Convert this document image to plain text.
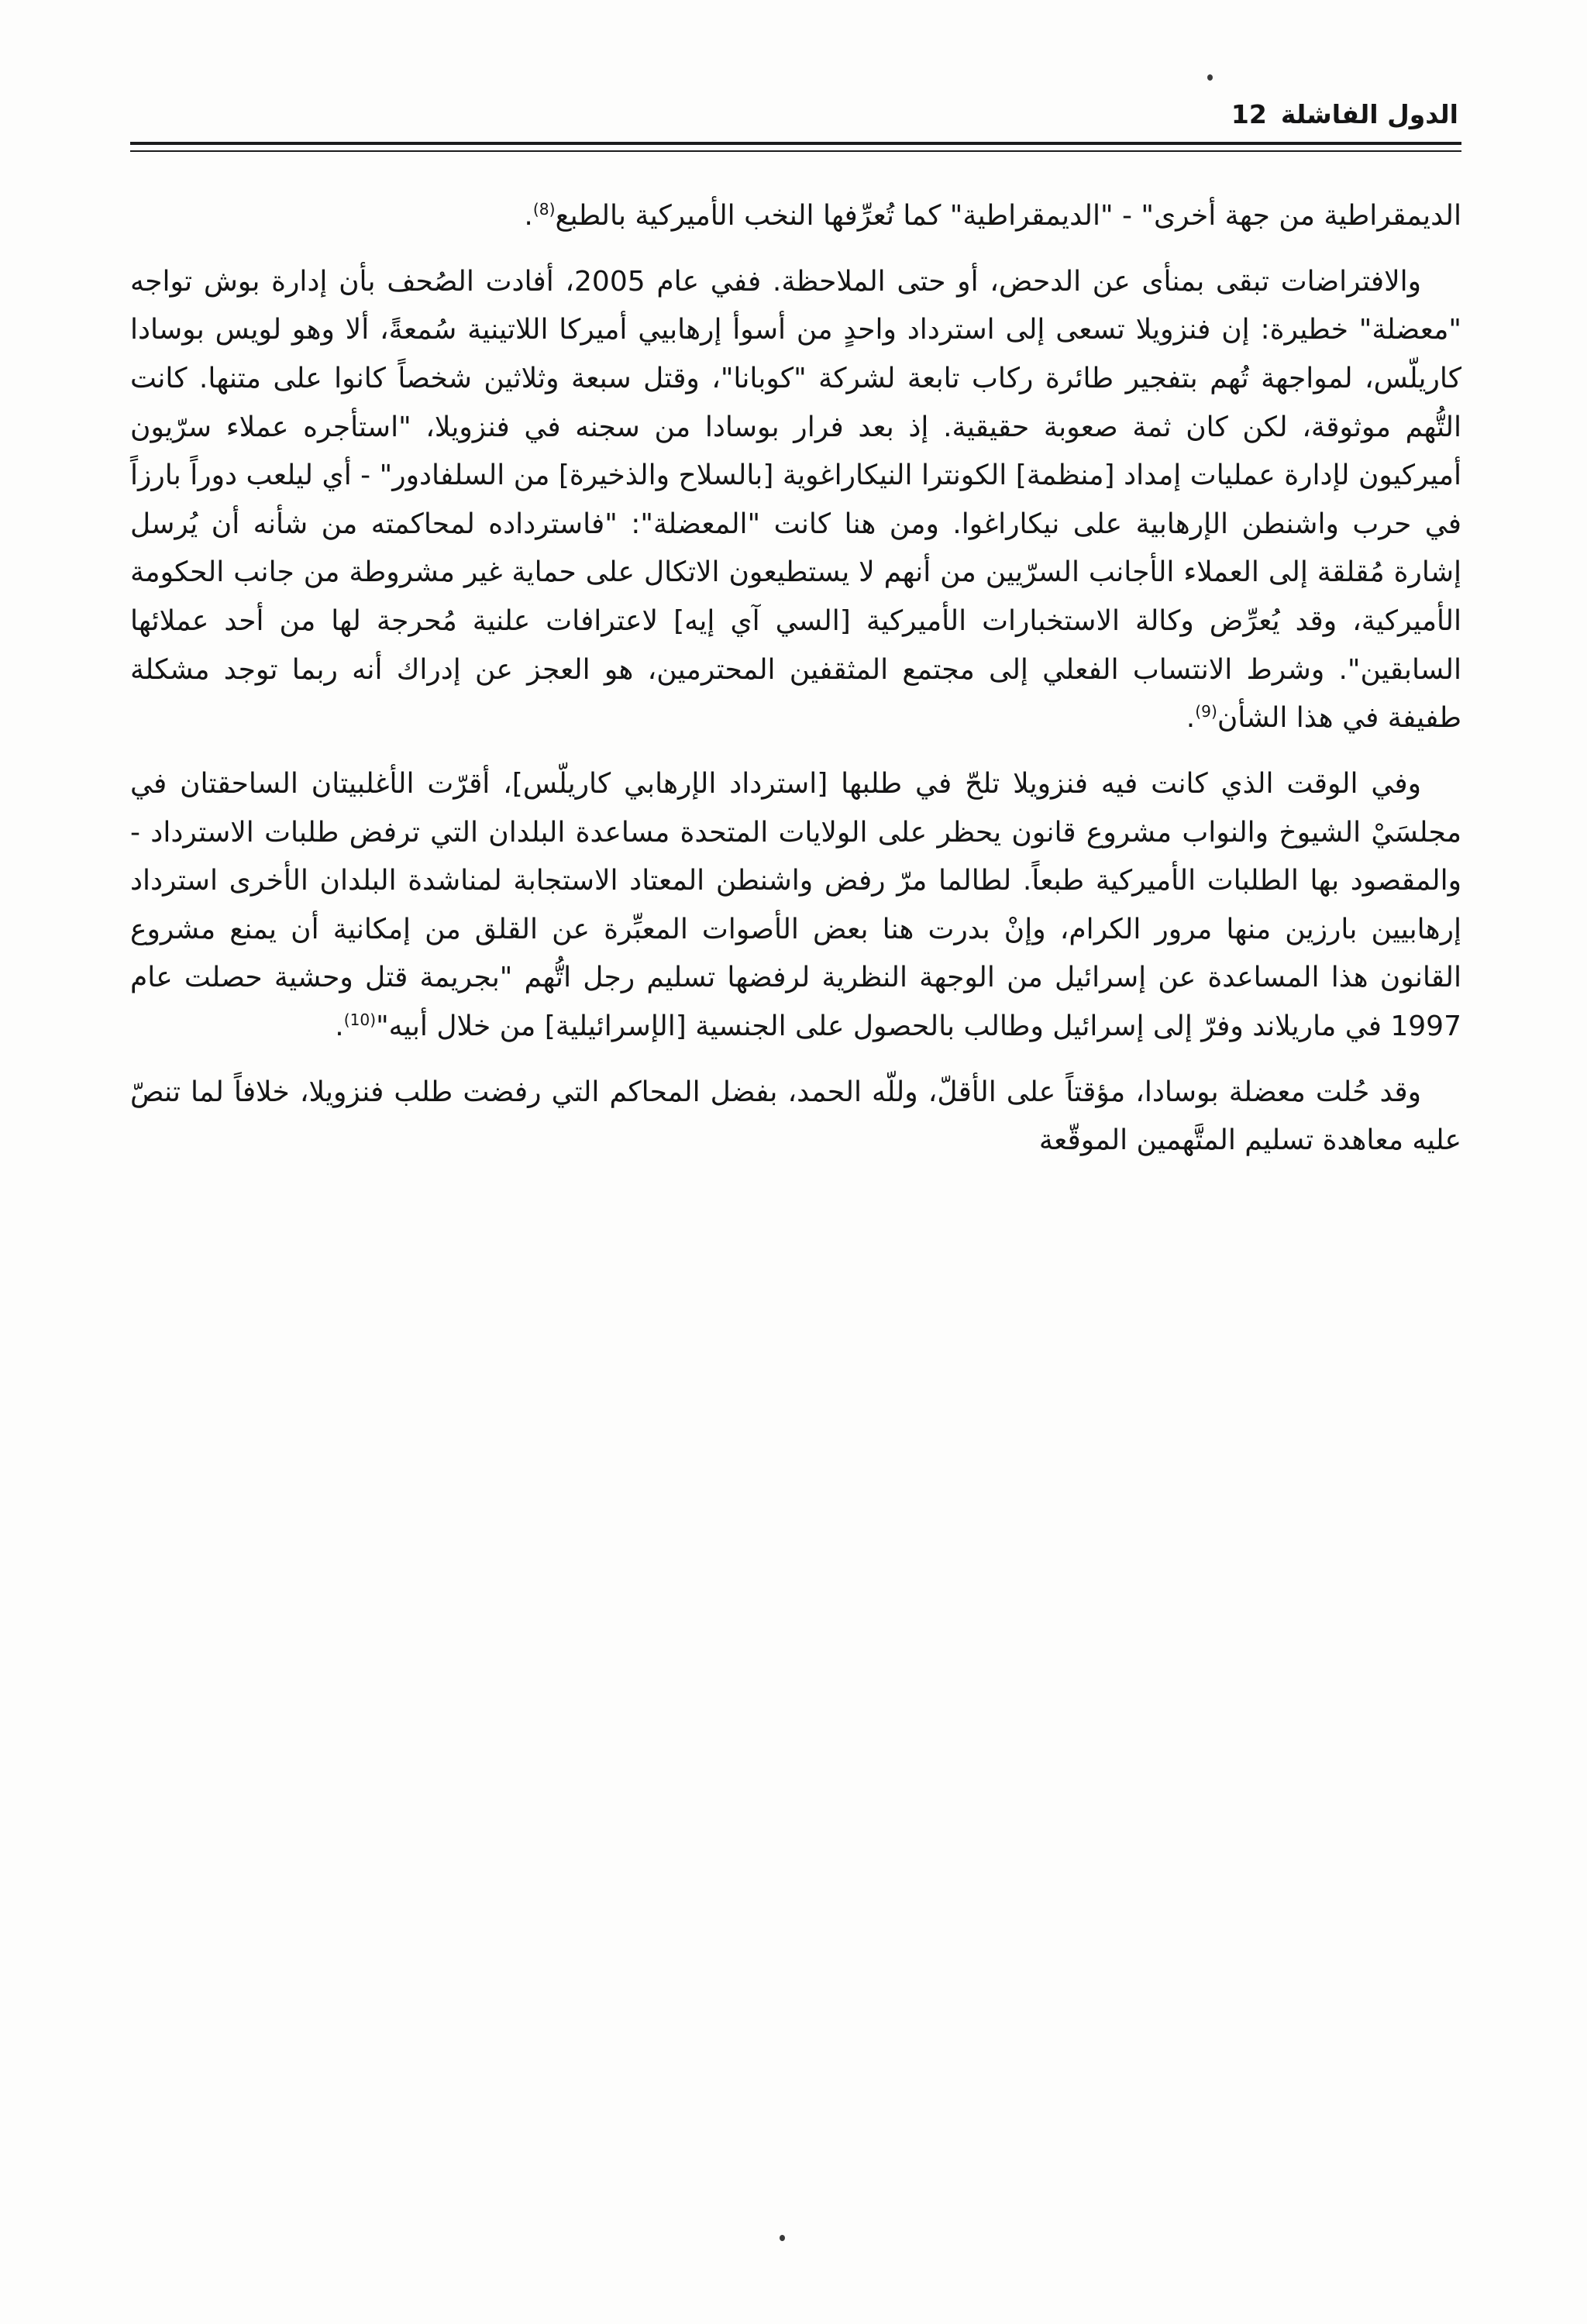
الدول الفاشلة
12

الديمقراطية من جهة أخرى" - "الديمقراطية" كما تُعرِّفها النخب الأميركية بالطبع$^{(8)}$.

والافتراضات تبقى بمنأى عن الدحض، أو حتى الملاحظة. ففي عام 2005، أفادت الصُحف بأن إدارة بوش تواجه "معضلة" خطيرة: إن فنزويلا تسعى إلى استرداد واحدٍ من أسوأ إرهابيي أميركا اللاتينية سُمعةً، ألا وهو لويس بوسادا كاريلّس، لمواجهة تُهم بتفجير طائرة ركاب تابعة لشركة "كوبانا"، وقتل سبعة وثلاثين شخصاً كانوا على متنها. كانت التُّهم موثوقة، لكن كان ثمة صعوبة حقيقية. إذ بعد فرار بوسادا من سجنه في فنزويلا، "استأجره عملاء سرّيون أميركيون لإدارة عمليات إمداد [منظمة] الكونترا النيكاراغوية [بالسلاح والذخيرة] من السلفادور" - أي ليلعب دوراً بارزاً في حرب واشنطن الإرهابية على نيكاراغوا. ومن هنا كانت "المعضلة": "فاسترداده لمحاكمته من شأنه أن يُرسل إشارة مُقلقة إلى العملاء الأجانب السرّيين من أنهم لا يستطيعون الاتكال على حماية غير مشروطة من جانب الحكومة الأميركية، وقد يُعرِّض وكالة الاستخبارات الأميركية [السي آي إيه] لاعترافات علنية مُحرجة لها من أحد عملائها السابقين". وشرط الانتساب الفعلي إلى مجتمع المثقفين المحترمين، هو العجز عن إدراك أنه ربما توجد مشكلة طفيفة في هذا الشأن$^{(9)}$.

وفي الوقت الذي كانت فيه فنزويلا تلحّ في طلبها [استرداد الإرهابي كاريلّس]، أقرّت الأغلبيتان الساحقتان في مجلسَيْ الشيوخ والنواب مشروع قانون يحظر على الولايات المتحدة مساعدة البلدان التي ترفض طلبات الاسترداد - والمقصود بها الطلبات الأميركية طبعاً. لطالما مرّ رفض واشنطن المعتاد الاستجابة لمناشدة البلدان الأخرى استرداد إرهابيين بارزين منها مرور الكرام، وإنْ بدرت هنا بعض الأصوات المعبِّرة عن القلق من إمكانية أن يمنع مشروع القانون هذا المساعدة عن إسرائيل من الوجهة النظرية لرفضها تسليم رجل اتُّهم "بجريمة قتل وحشية حصلت عام 1997 في ماريلاند وفرّ إلى إسرائيل وطالب بالحصول على الجنسية [الإسرائيلية] من خلال أبيه"$^{(10)}$.

وقد حُلت معضلة بوسادا، مؤقتاً على الأقلّ، وللّه الحمد، بفضل المحاكم التي رفضت طلب فنزويلا، خلافاً لما تنصّ عليه معاهدة تسليم المتَّهمين الموقّعة
